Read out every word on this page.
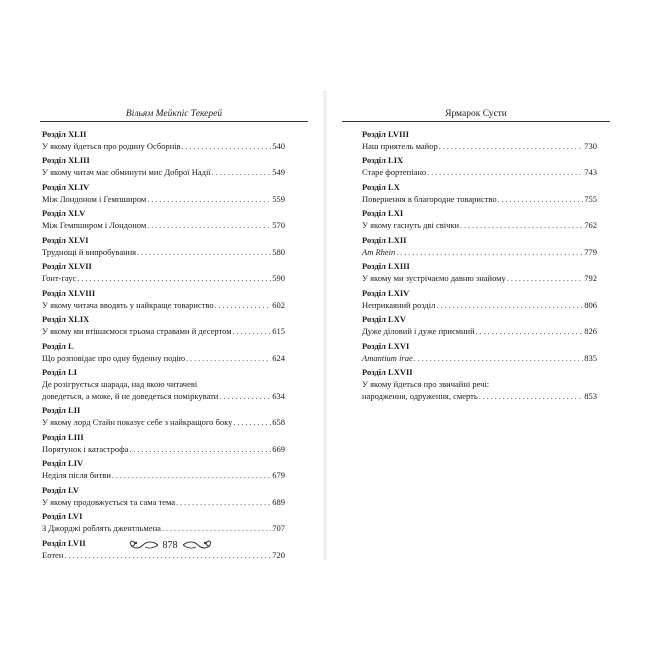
Вільям Мейкпіс Текерей
Розділ XLII
У якому йдеться про родину Осборнів . . .	540
Розділ XLIII
У якому читач має обминути мис Доброї Надії . . .	549
Розділ XLIV
Між Лондоном і Гемпширом . . .	559
Розділ XLV
Між Гемпширом і Лондоном . . .	570
Розділ XLVI
Труднощі й випробування . . .	580
Розділ XLVII
Гонт-гаус . . .	590
Розділ XLVIII
У якому читача вводять у найкраще товариство . . .	602
Розділ XLIX
У якому ми втішаємося трьома стравами й десертом . . .	615
Розділ L
Що розповідає про одну буденну подію . . .	624
Розділ LI
Де розігрується шарада, над якою читачеві
доведеться, а може, й не доведеться поміркувати . . .	634
Розділ LII
У якому лорд Стайн показує себе з найкращого боку . . .	658
Розділ LIII
Порятунок і катастрофа . . .	669
Розділ LIV
Неділя після битви . . .	679
Розділ LV
У якому продовжується та сама тема . . .	689
Розділ LVI
З Джорджі роблять джентльмена . . .	707
Розділ LVII
Еотен . . .	720
878
Ярмарок Суєти
Розділ LVIII
Наш приятель майор . . .	730
Розділ LIX
Старе фортепіано . . .	743
Розділ LX
Повернення в благородне товариство . . .	755
Розділ LXI
У якому гаснуть дві свічки . . .	762
Розділ LXII
Am Rhein . . .	779
Розділ LXIII
У якому ми зустрічаємо давню знайому . . .	792
Розділ LXIV
Неприкаяний розділ . . .	806
Розділ LXV
Дуже діловий і дуже приємний . . .	826
Розділ LXVI
Amantium irae . . .	835
Розділ LXVII
У якому йдеться про звичайні речі:
народження, одруження, смерть . . .	853
